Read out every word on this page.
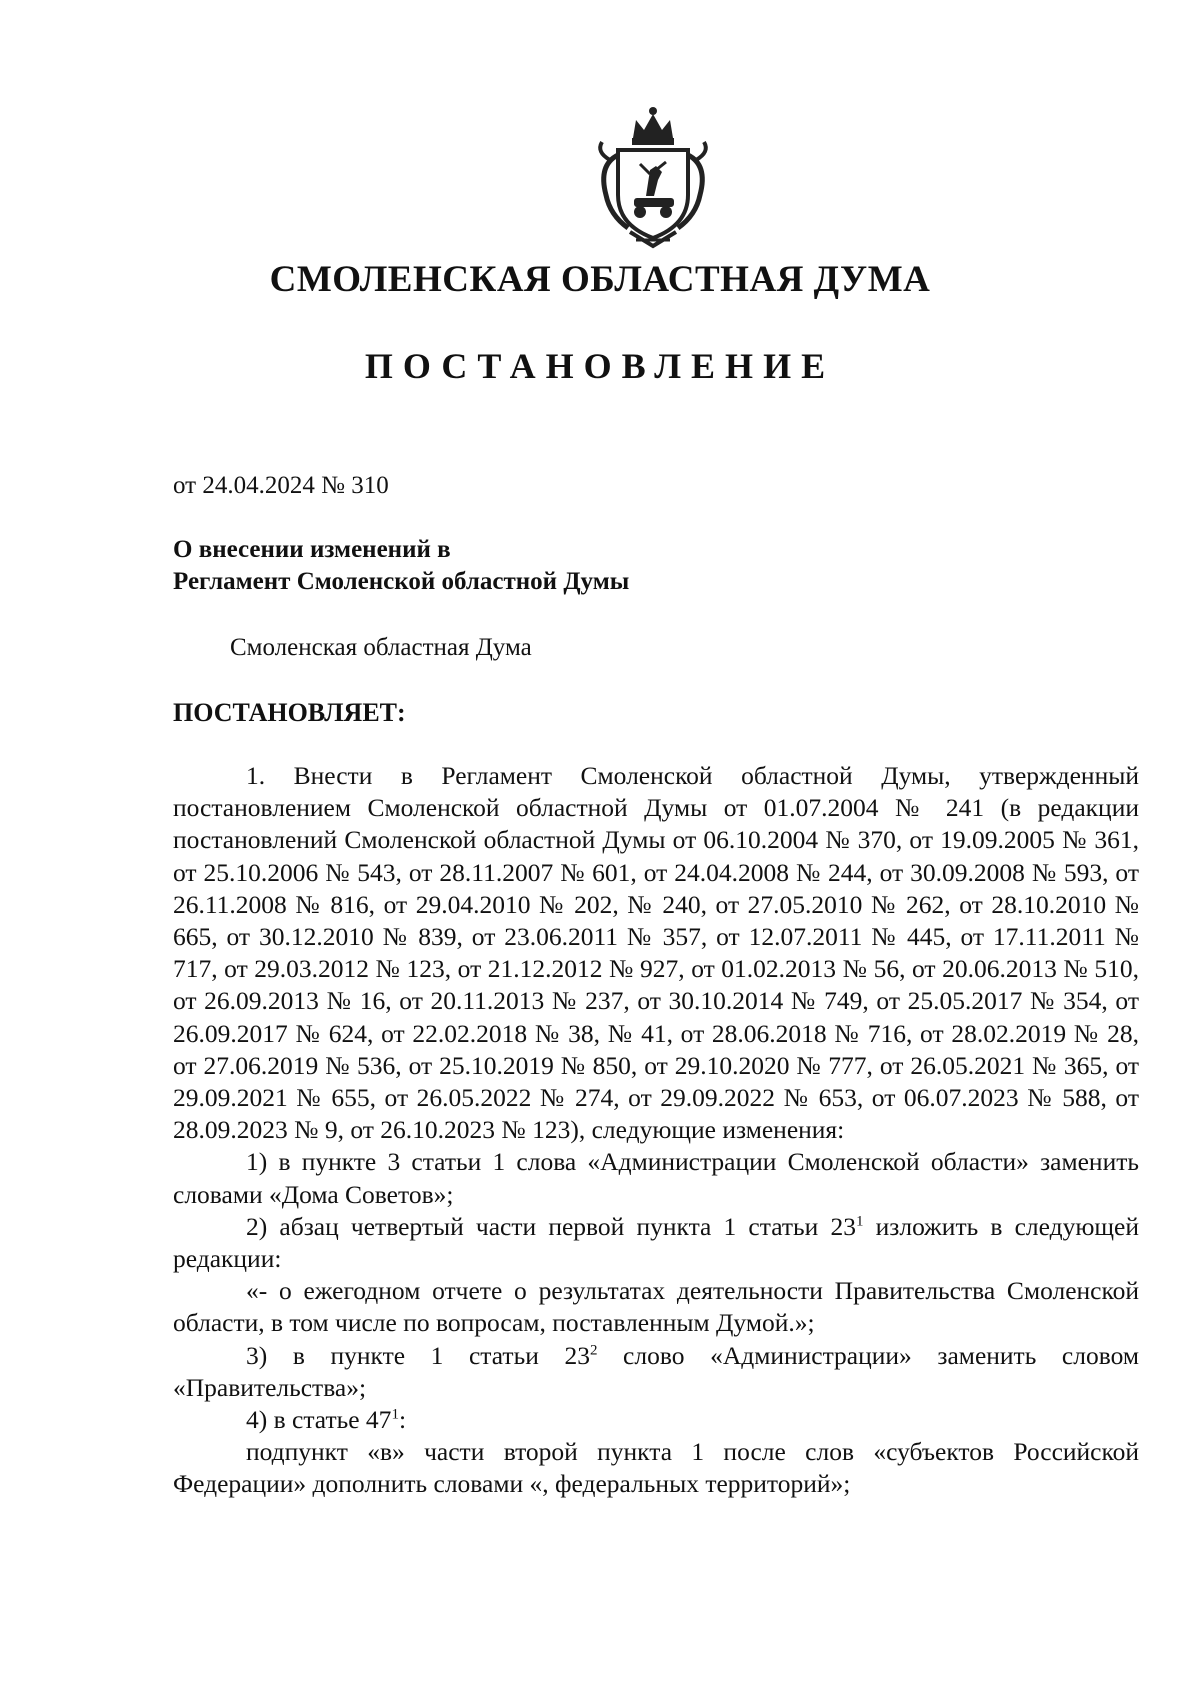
СМОЛЕНСКАЯ ОБЛАСТНАЯ ДУМА
ПОСТАНОВЛЕНИЕ
от 24.04.2024 № 310
О внесении изменений в
Регламент Смоленской областной Думы
Смоленская областная Дума
ПОСТАНОВЛЯЕТ:

1. Внести в Регламент Смоленской областной Думы, утвержденный постановлением Смоленской областной Думы от 01.07.2004 № 241 (в редакции постановлений Смоленской областной Думы от 06.10.2004 № 370, от 19.09.2005 № 361, от 25.10.2006 № 543, от 28.11.2007 № 601, от 24.04.2008 № 244, от 30.09.2008 № 593, от 26.11.2008 № 816, от 29.04.2010 № 202, № 240, от 27.05.2010 № 262, от 28.10.2010 № 665, от 30.12.2010 № 839, от 23.06.2011 № 357, от 12.07.2011 № 445, от 17.11.2011 № 717, от 29.03.2012 № 123, от 21.12.2012 № 927, от 01.02.2013 № 56, от 20.06.2013 № 510, от 26.09.2013 № 16, от 20.11.2013 № 237, от 30.10.2014 № 749, от 25.05.2017 № 354, от 26.09.2017 № 624, от 22.02.2018 № 38, № 41, от 28.06.2018 № 716, от 28.02.2019 № 28, от 27.06.2019 № 536, от 25.10.2019 № 850, от 29.10.2020 № 777, от 26.05.2021 № 365, от 29.09.2021 № 655, от 26.05.2022 № 274, от 29.09.2022 № 653, от 06.07.2023 № 588, от 28.09.2023 № 9, от 26.10.2023 № 123), следующие изменения:

1) в пункте 3 статьи 1 слова «Администрации Смоленской области» заменить словами «Дома Советов»;

2) абзац четвертый части первой пункта 1 статьи $23^1$ изложить в следующей редакции:

«- о ежегодном отчете о результатах деятельности Правительства Смоленской области, в том числе по вопросам, поставленным Думой.»;

3) в пункте 1 статьи $23^2$ слово «Администрации» заменить словом «Правительства»;

4) в статье $47^1$:

подпункт «в» части второй пункта 1 после слов «субъектов Российской Федерации» дополнить словами «, федеральных территорий»;
